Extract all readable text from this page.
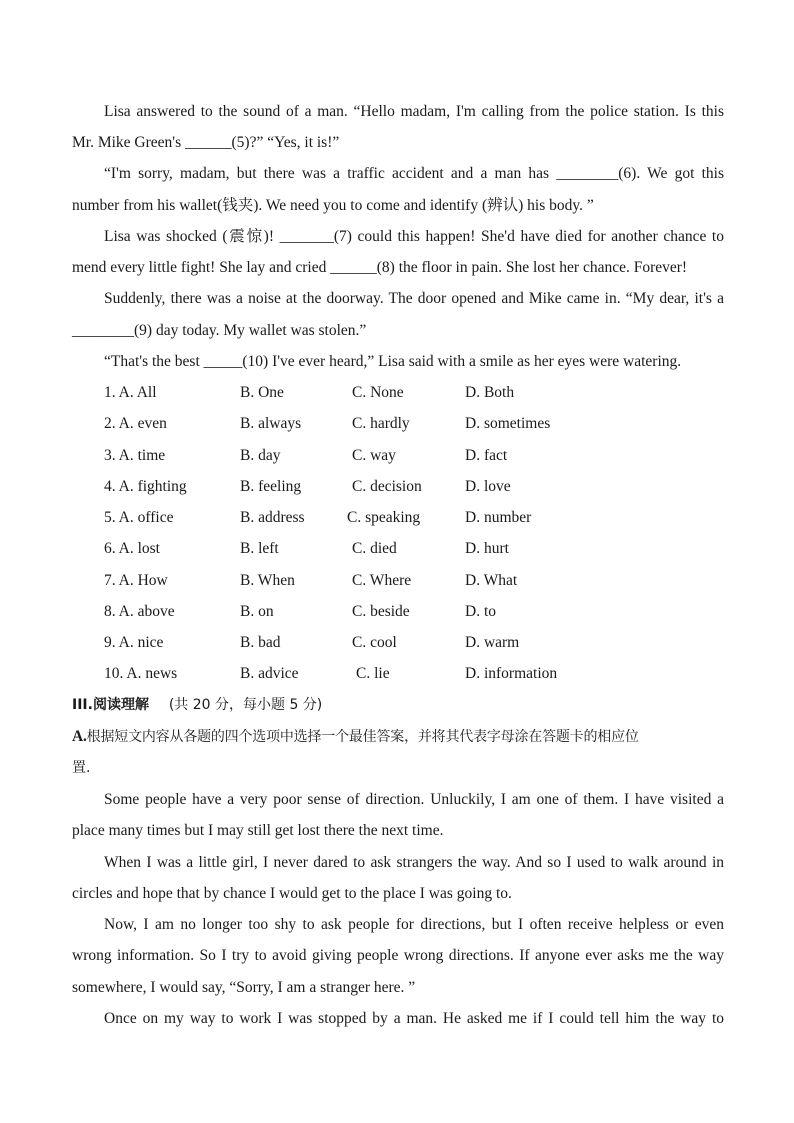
Lisa answered to the sound of a man. “Hello madam, I'm calling from the police station. Is this
Mr. Mike Green's ______(5)?” “Yes, it is!”
“I'm sorry, madam, but there was a traffic accident and a man has ________(6). We got this
number from his wallet(钱夹). We need you to come and identify (辨认) his body. ”
Lisa was shocked (震惊)! _______(7) could this happen! She'd have died for another chance to
mend every little fight! She lay and cried ______(8) the floor in pain. She lost her chance. Forever!
Suddenly, there was a noise at the doorway. The door opened and Mike came in. “My dear, it's a
________(9) day today. My wallet was stolen.”
“That's the best _____(10) I've ever heard,” Lisa said with a smile as her eyes were watering.
1. A. All	B. One	C. None	D. Both
2. A. even	B. always	C. hardly	D. sometimes
3. A. time	B. day	C. way	D. fact
4. A. fighting	B. feeling	C. decision	D. love
5. A. office	B. address	C. speaking	D. number
6. A. lost	B. left	C. died	D. hurt
7. A. How	B. When	C. Where	D. What
8. A. above	B. on	C. beside	D. to
9. A. nice	B. bad	C. cool	D. warm
10. A. news	B. advice	C. lie	D. information
III.阅读理解 (共 20 分，每小题 5 分)
A.根据短文内容从各题的四个选项中选择一个最佳答案，并将其代表字母涂在答题卡的相应位
置.
Some people have a very poor sense of direction. Unluckily, I am one of them. I have visited a
place many times but I may still get lost there the next time.
When I was a little girl, I never dared to ask strangers the way. And so I used to walk around in
circles and hope that by chance I would get to the place I was going to.
Now, I am no longer too shy to ask people for directions, but I often receive helpless or even
wrong information. So I try to avoid giving people wrong directions. If anyone ever asks me the way
somewhere, I would say, “Sorry, I am a stranger here. ”
Once on my way to work I was stopped by a man. He asked me if I could tell him the way to
